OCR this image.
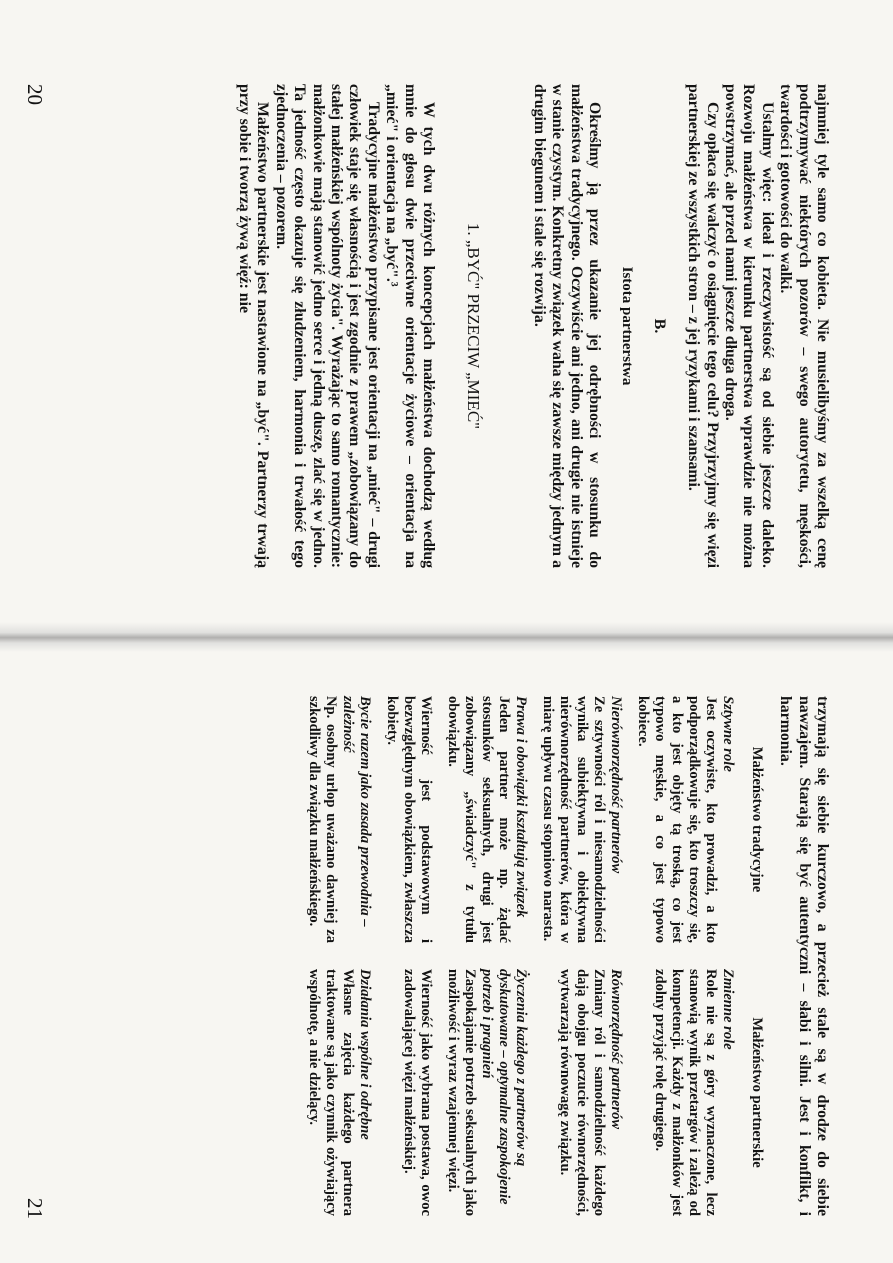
najmniej tyle samo co kobieta. Nie musielibyśmy za wszelką cenę podtrzymywać niektórych pozorów – swego autorytetu, męskości, twardości i gotowości do walki.

Ustalmy więc: ideał i rzeczywistość są od siebie jeszcze daleko. Rozwoju małżeństwa w kierunku partnerstwa wprawdzie nie można powstrzymać, ale przed nami jeszcze długa droga.

Czy opłaca się walczyć o osiągnięcie tego celu? Przyjrzyjmy się więzi partnerskiej ze wszystkich stron – z jej ryzykami i szansami.

B.
Istota partnerstwa

Określmy ją przez ukazanie jej odrębności w stosunku do małżeństwa tradycyjnego. Oczywiście ani jedno, ani drugie nie istnieje w stanie czystym. Konkretny związek waha się zawsze między jednym a drugim biegunem i stale się rozwija.

1. „BYĆ" PRZECIW „MIEĆ"

W tych dwu różnych koncepcjach małżeństwa dochodzą według mnie do głosu dwie przeciwne orientacje życiowe – orientacja na „mieć" i orientacja na „być".³

Tradycyjne małżeństwo przypisane jest orientacji na „mieć" – drugi człowiek staje się własnością i jest zgodnie z prawem „zobowiązany do stałej małżeńskiej wspólnoty życia". Wyrażając to samo romantycznie: małżonkowie mają stanowić jedno serce i jedną duszę, zlać się w jedno. Ta jedność często okazuje się złudzeniem, harmonia i trwałość tego zjednoczenia – pozorem.

Małżeństwo partnerskie jest nastawione na „być". Partnerzy trwają przy sobie i tworzą żywą więź: nie

20

trzymają się siebie kurczowo, a przecież stale są w drodze do siebie nawzajem. Starają się być autentyczni – słabi i silni. Jest i konflikt, i harmonia.

Małżeństwo tradycyjne
Małżeństwo partnerskie

Sztywne role

Jest oczywiste, kto prowadzi, a kto podporządkowuje się, kto troszczy się, a kto jest objęty tą troską, co jest typowo męskie, a co jest typowo kobiece.

Zmienne role

Role nie są z góry wyznaczone, lecz stanowią wynik przetargów i zależą od kompetencji. Każdy z małżonków jest zdolny przyjąć rolę drugiego.

Nierównorzędność partnerów

Ze sztywności ról i niesamodzielności wynika subiektywna i obiektywna nierównorzędność partnerów, która w miarę upływu czasu stopniowo narasta.

Równorzędność partnerów

Zmiany ról i samodzielność każdego dają obojgu poczucie równorzędności, wytwarzają równowagę związku.

Prawa i obowiązki kształtują związek

Jeden partner może np. żądać stosunków seksualnych, drugi jest zobowiązany „świadczyć" z tytułu obowiązku.

Życzenia każdego z partnerów są dyskutowane – optymalne zaspokojenie potrzeb i pragnień

Zaspokajanie potrzeb seksualnych jako możliwość i wyraz wzajemnej więzi.

Wierność jest podstawowym i bezwzględnym obowiązkiem, zwłaszcza kobiety.

Wierność jako wybrana postawa, owoc zadowalającej więzi małżeńskiej.

Bycie razem jako zasada przewodnia – zależność

Np. osobny urlop uważano dawniej za szkodliwy dla związku małżeńskiego.

Działania wspólne i odrębne

Własne zajęcia każdego partnera traktowane są jako czynnik ożywiający wspólnotę, a nie dzielący.

21
